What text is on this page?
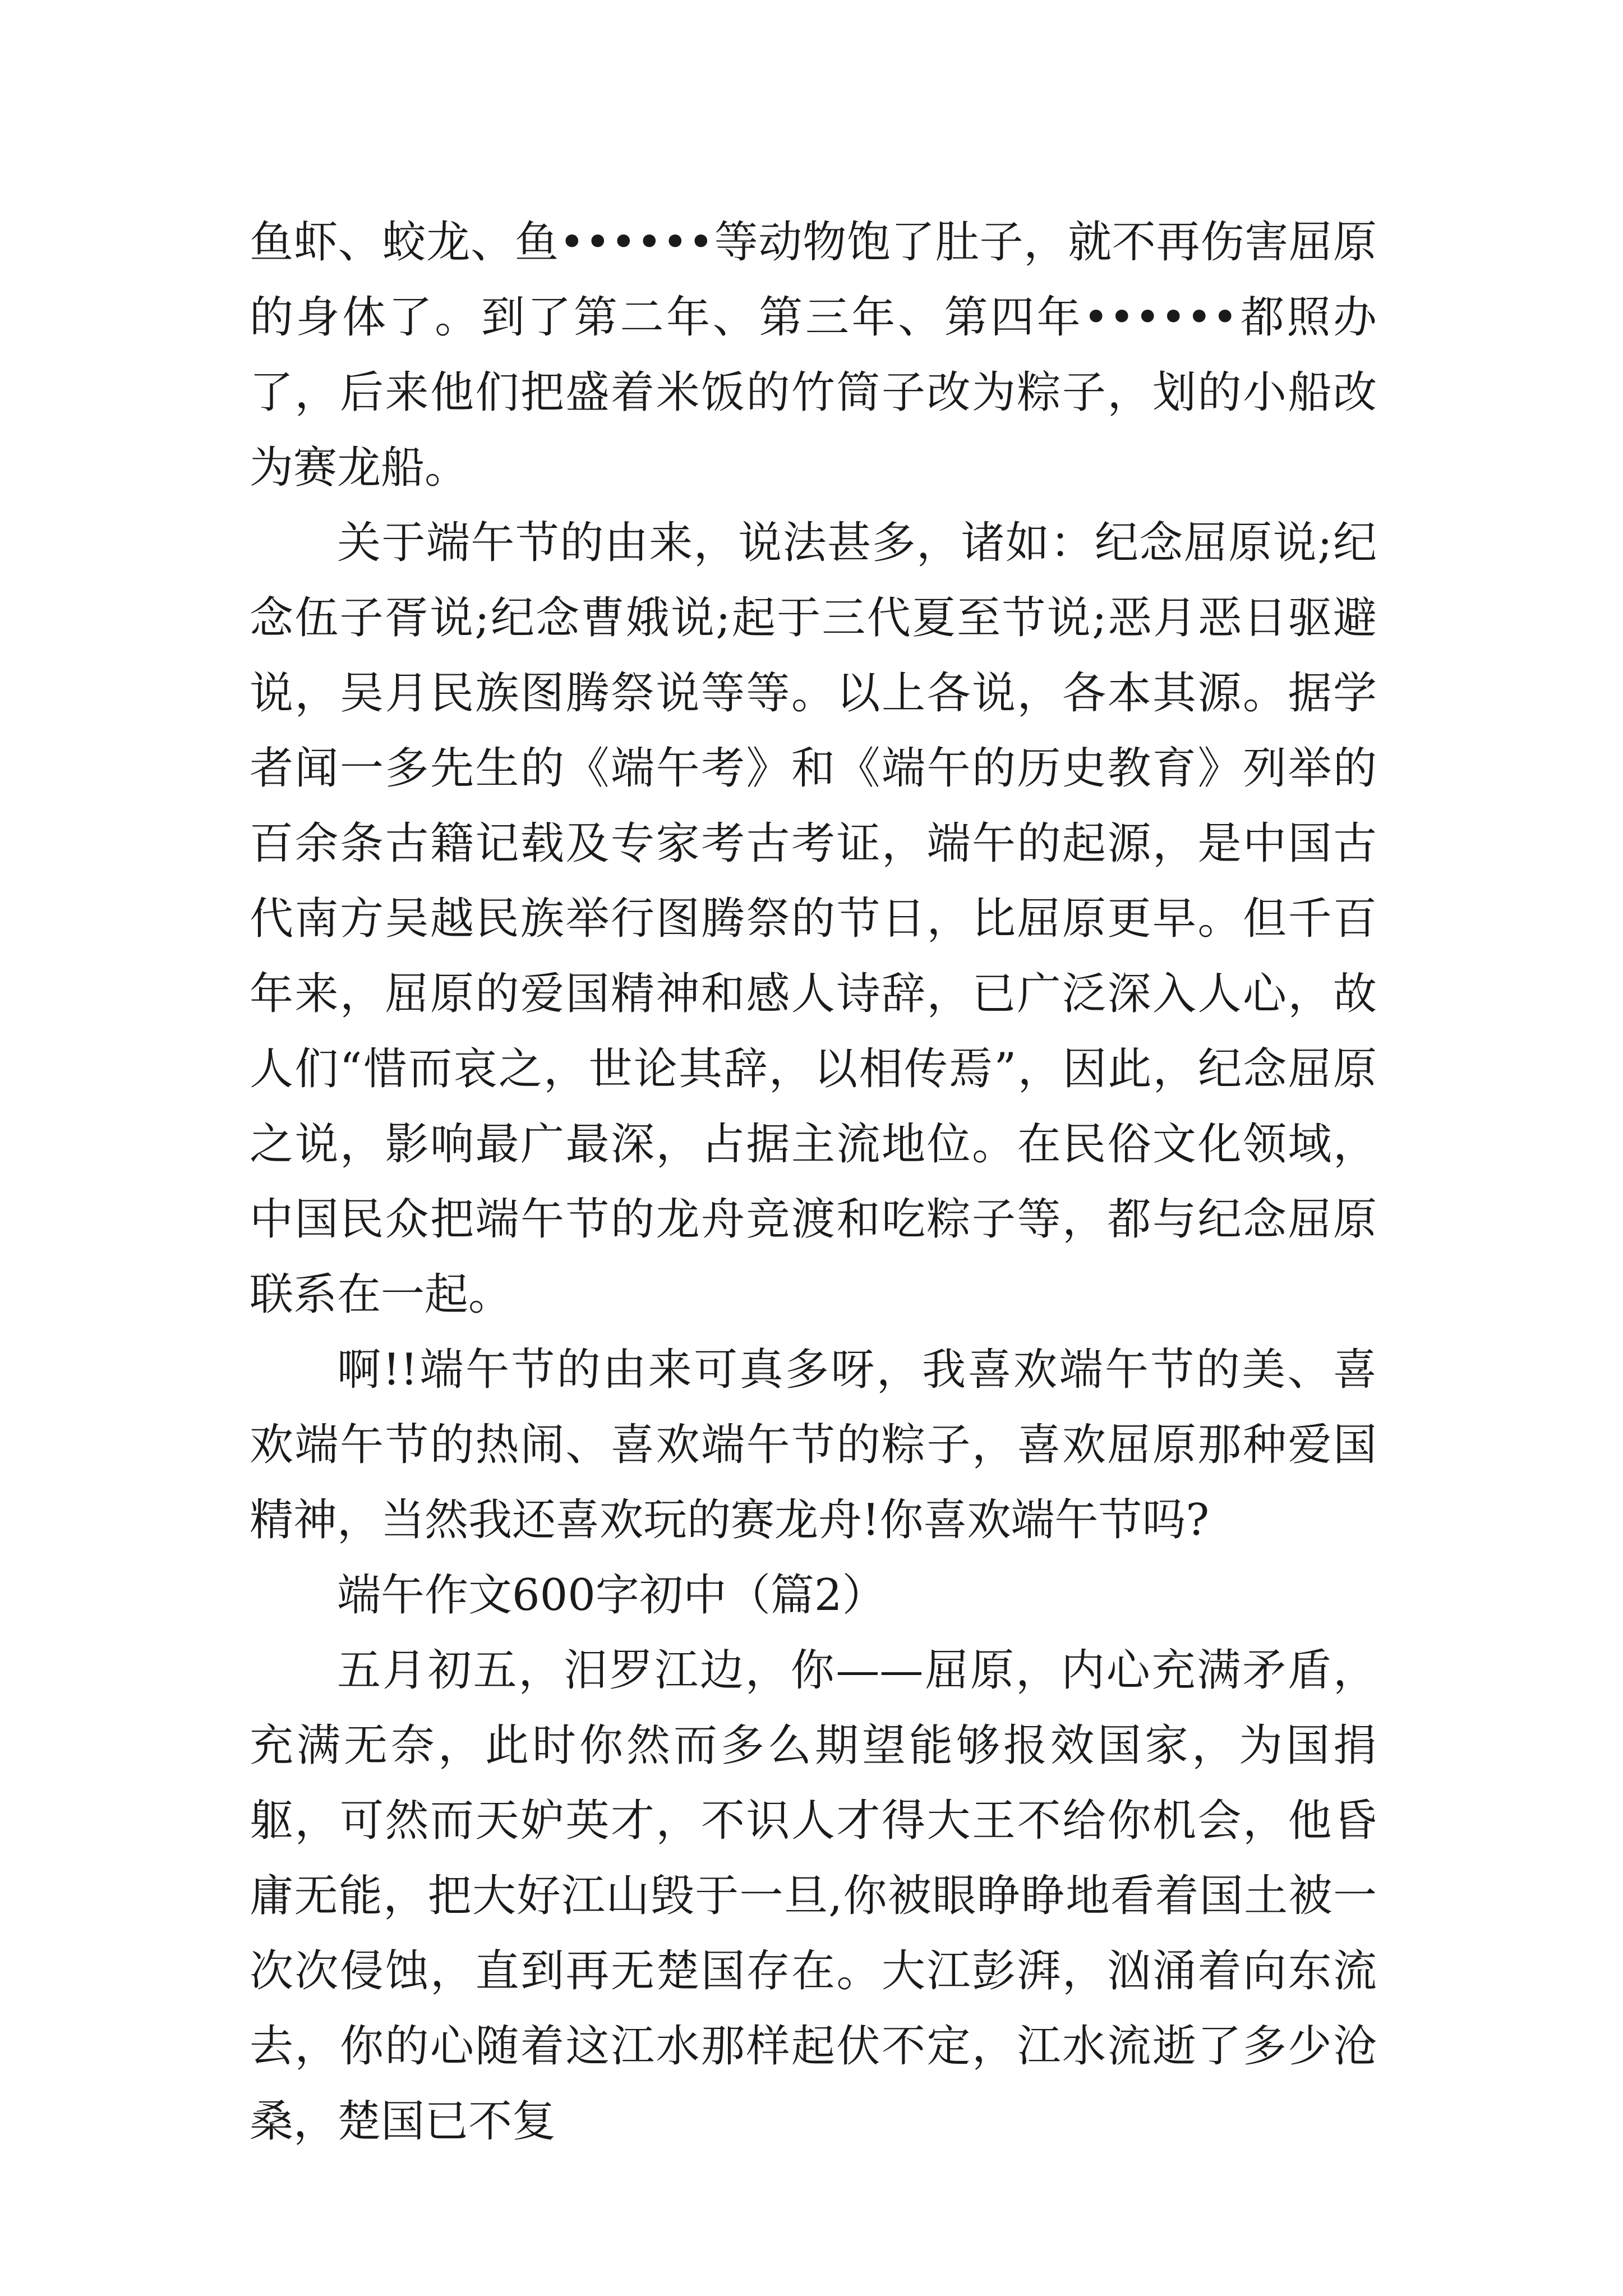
鱼虾、蛟龙、鱼••••••等动物饱了肚子，就不再伤害屈原的身体了。到了第二年、第三年、第四年••••••都照办了，后来他们把盛着米饭的竹筒子改为粽子，划的小船改为赛龙船。

关于端午节的由来，说法甚多，诸如：纪念屈原说;纪念伍子胥说;纪念曹娥说;起于三代夏至节说;恶月恶日驱避说，吴月民族图腾祭说等等。以上各说，各本其源。据学者闻一多先生的《端午考》和《端午的历史教育》列举的百余条古籍记载及专家考古考证，端午的起源，是中国古代南方吴越民族举行图腾祭的节日，比屈原更早。但千百年来，屈原的爱国精神和感人诗辞，已广泛深入人心，故人们“惜而哀之，世论其辞，以相传焉”，因此，纪念屈原之说，影响最广最深，占据主流地位。在民俗文化领域，中国民众把端午节的龙舟竞渡和吃粽子等，都与纪念屈原联系在一起。

啊!!端午节的由来可真多呀，我喜欢端午节的美、喜欢端午节的热闹、喜欢端午节的粽子，喜欢屈原那种爱国精神，当然我还喜欢玩的赛龙舟!你喜欢端午节吗?

端午作文600字初中（篇2）

五月初五，汨罗江边，你——屈原，内心充满矛盾，充满无奈，此时你然而多么期望能够报效国家，为国捐躯，可然而天妒英才，不识人才得大王不给你机会，他昏庸无能，把大好江山毁于一旦,你被眼睁睁地看着国土被一次次侵蚀，直到再无楚国存在。大江彭湃，汹涌着向东流去，你的心随着这江水那样起伏不定，江水流逝了多少沧桑，楚国已不复
